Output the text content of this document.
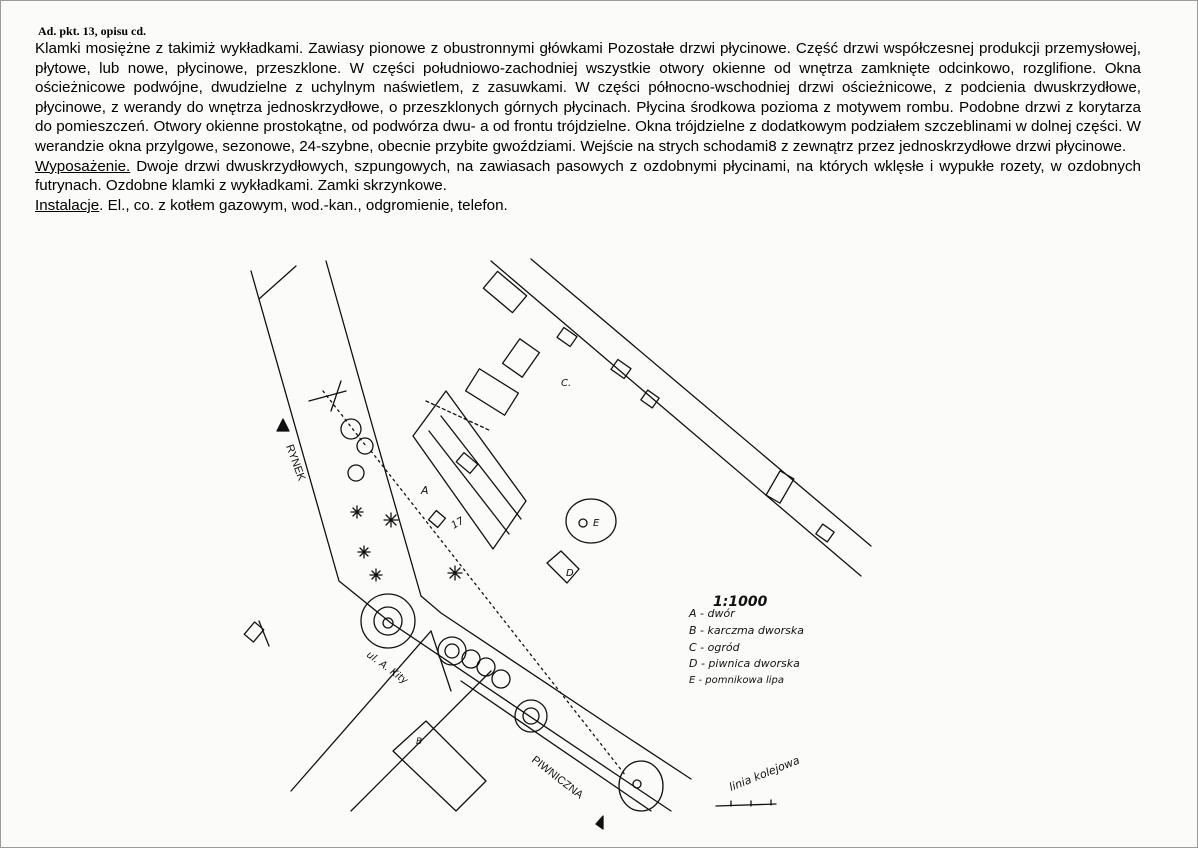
Ad. pkt. 13, opisu cd.

Klamki mosiężne z takimiż wykładkami. Zawiasy pionowe z obustronnymi główkami Pozostałe drzwi płycinowe. Część drzwi współczesnej produkcji przemysłowej, płytowe, lub nowe, płycinowe, przeszklone. W części południowo-zachodniej wszystkie otwory okienne od wnętrza zamknięte odcinkowo, rozglifione. Okna ościeżnicowe podwójne, dwudzielne z uchylnym naświetlem, z zasuwkami. W części północno-wschodniej drzwi ościeżnicowe, z podcienia dwuskrzydłowe, płycinowe, z werandy do wnętrza jednoskrzydłowe, o przeszklonych górnych płycinach. Płycina środkowa pozioma z motywem rombu. Podobne drzwi z korytarza do pomieszczeń. Otwory okienne prostokątne, od podwórza dwu- a od frontu trójdzielne. Okna trójdzielne z dodatkowym podziałem szczeblinami w dolnej części. W werandzie okna przylgowe, sezonowe, 24-szybne, obecnie przybite gwoździami. Wejście na strych schodami8 z zewnątrz przez jednoskrzydłowe drzwi płycinowe.

Wyposażenie. Dwoje drzwi dwuskrzydłowych, szpungowych, na zawiasach pasowych z ozdobnymi płycinami, na których wklęsłe i wypukłe rozety, w ozdobnych futrynach. Ozdobne klamki z wykładkami. Zamki skrzynkowe.

Instalacje. El., co. z kotłem gazowym, wod.-kan., odgromienie, telefon.

A
17
C.
E
D
B
RYNEK
ul. A. Kity
PIWNICZNA	linia kolejowa
1:1000
A - dwór
B - karczma dworska
C - ogród
D - piwnica dworska
E - pomnikowa lipa
